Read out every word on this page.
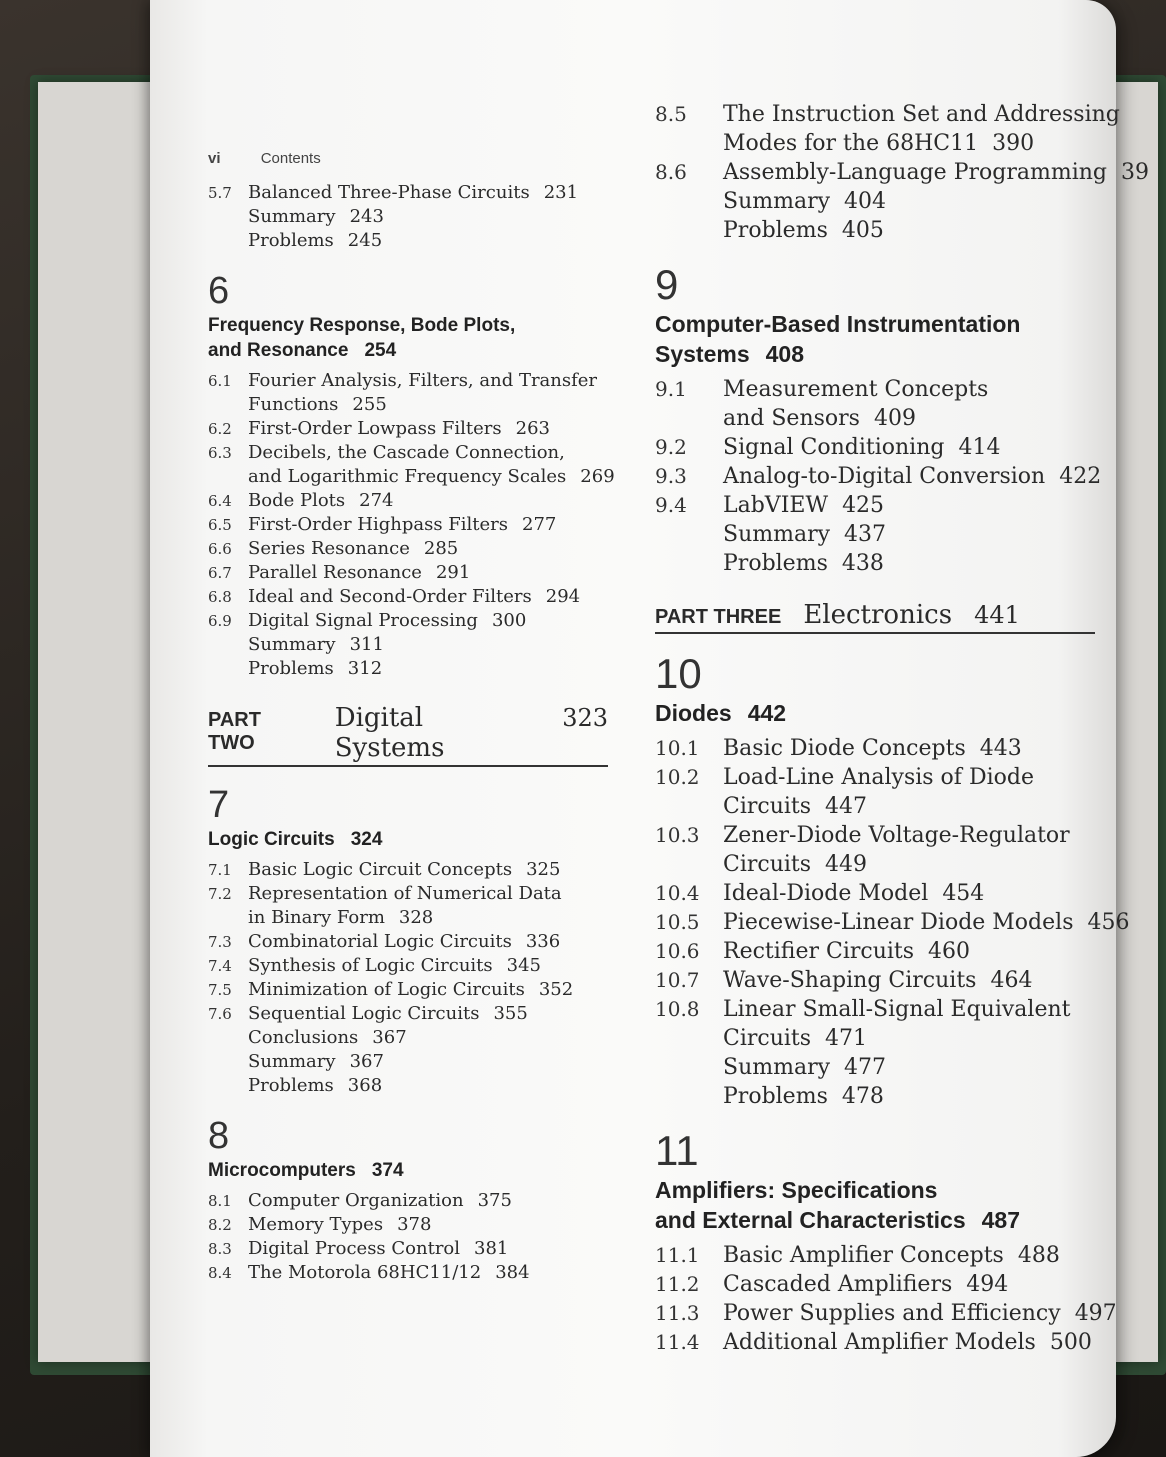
vi	Contents
5.7 Balanced Three-Phase Circuits 231
Summary 243
Problems 245
6
Frequency Response, Bode Plots,
and Resonance 254
6.1 Fourier Analysis, Filters, and Transfer
Functions 255
6.2 First-Order Lowpass Filters 263
6.3 Decibels, the Cascade Connection,
and Logarithmic Frequency Scales 269
6.4 Bode Plots 274
6.5 First-Order Highpass Filters 277
6.6 Series Resonance 285
6.7 Parallel Resonance 291
6.8 Ideal and Second-Order Filters 294
6.9 Digital Signal Processing 300
Summary 311
Problems 312
PART TWO
Digital Systems
323
7
Logic Circuits 324
7.1 Basic Logic Circuit Concepts 325
7.2 Representation of Numerical Data
in Binary Form 328
7.3 Combinatorial Logic Circuits 336
7.4 Synthesis of Logic Circuits 345
7.5 Minimization of Logic Circuits 352
7.6 Sequential Logic Circuits 355
Conclusions 367
Summary 367
Problems 368
8
Microcomputers 374
8.1 Computer Organization 375
8.2 Memory Types 378
8.3 Digital Process Control 381
8.4 The Motorola 68HC11/12 384
8.5	The Instruction Set and Addressing
Modes for the 68HC11 390
8.6	Assembly-Language Programming 39
Summary 404
Problems 405
9
Computer-Based Instrumentation
Systems 408
9.1	Measurement Concepts
and Sensors 409
9.2	Signal Conditioning 414
9.3	Analog-to-Digital Conversion 422
9.4	LabVIEW 425
Summary 437
Problems 438
PART THREE Electronics 441
10
Diodes 442
10.1	Basic Diode Concepts 443
10.2	Load-Line Analysis of Diode
Circuits 447
10.3	Zener-Diode Voltage-Regulator
Circuits 449
10.4	Ideal-Diode Model 454
10.5	Piecewise-Linear Diode Models 456
10.6	Rectifier Circuits 460
10.7	Wave-Shaping Circuits 464
10.8	Linear Small-Signal Equivalent
Circuits 471
Summary 477
Problems 478
11
Amplifiers: Specifications
and External Characteristics 487
11.1	Basic Amplifier Concepts 488
11.2	Cascaded Amplifiers 494
11.3	Power Supplies and Efficiency 497
11.4	Additional Amplifier Models 500
